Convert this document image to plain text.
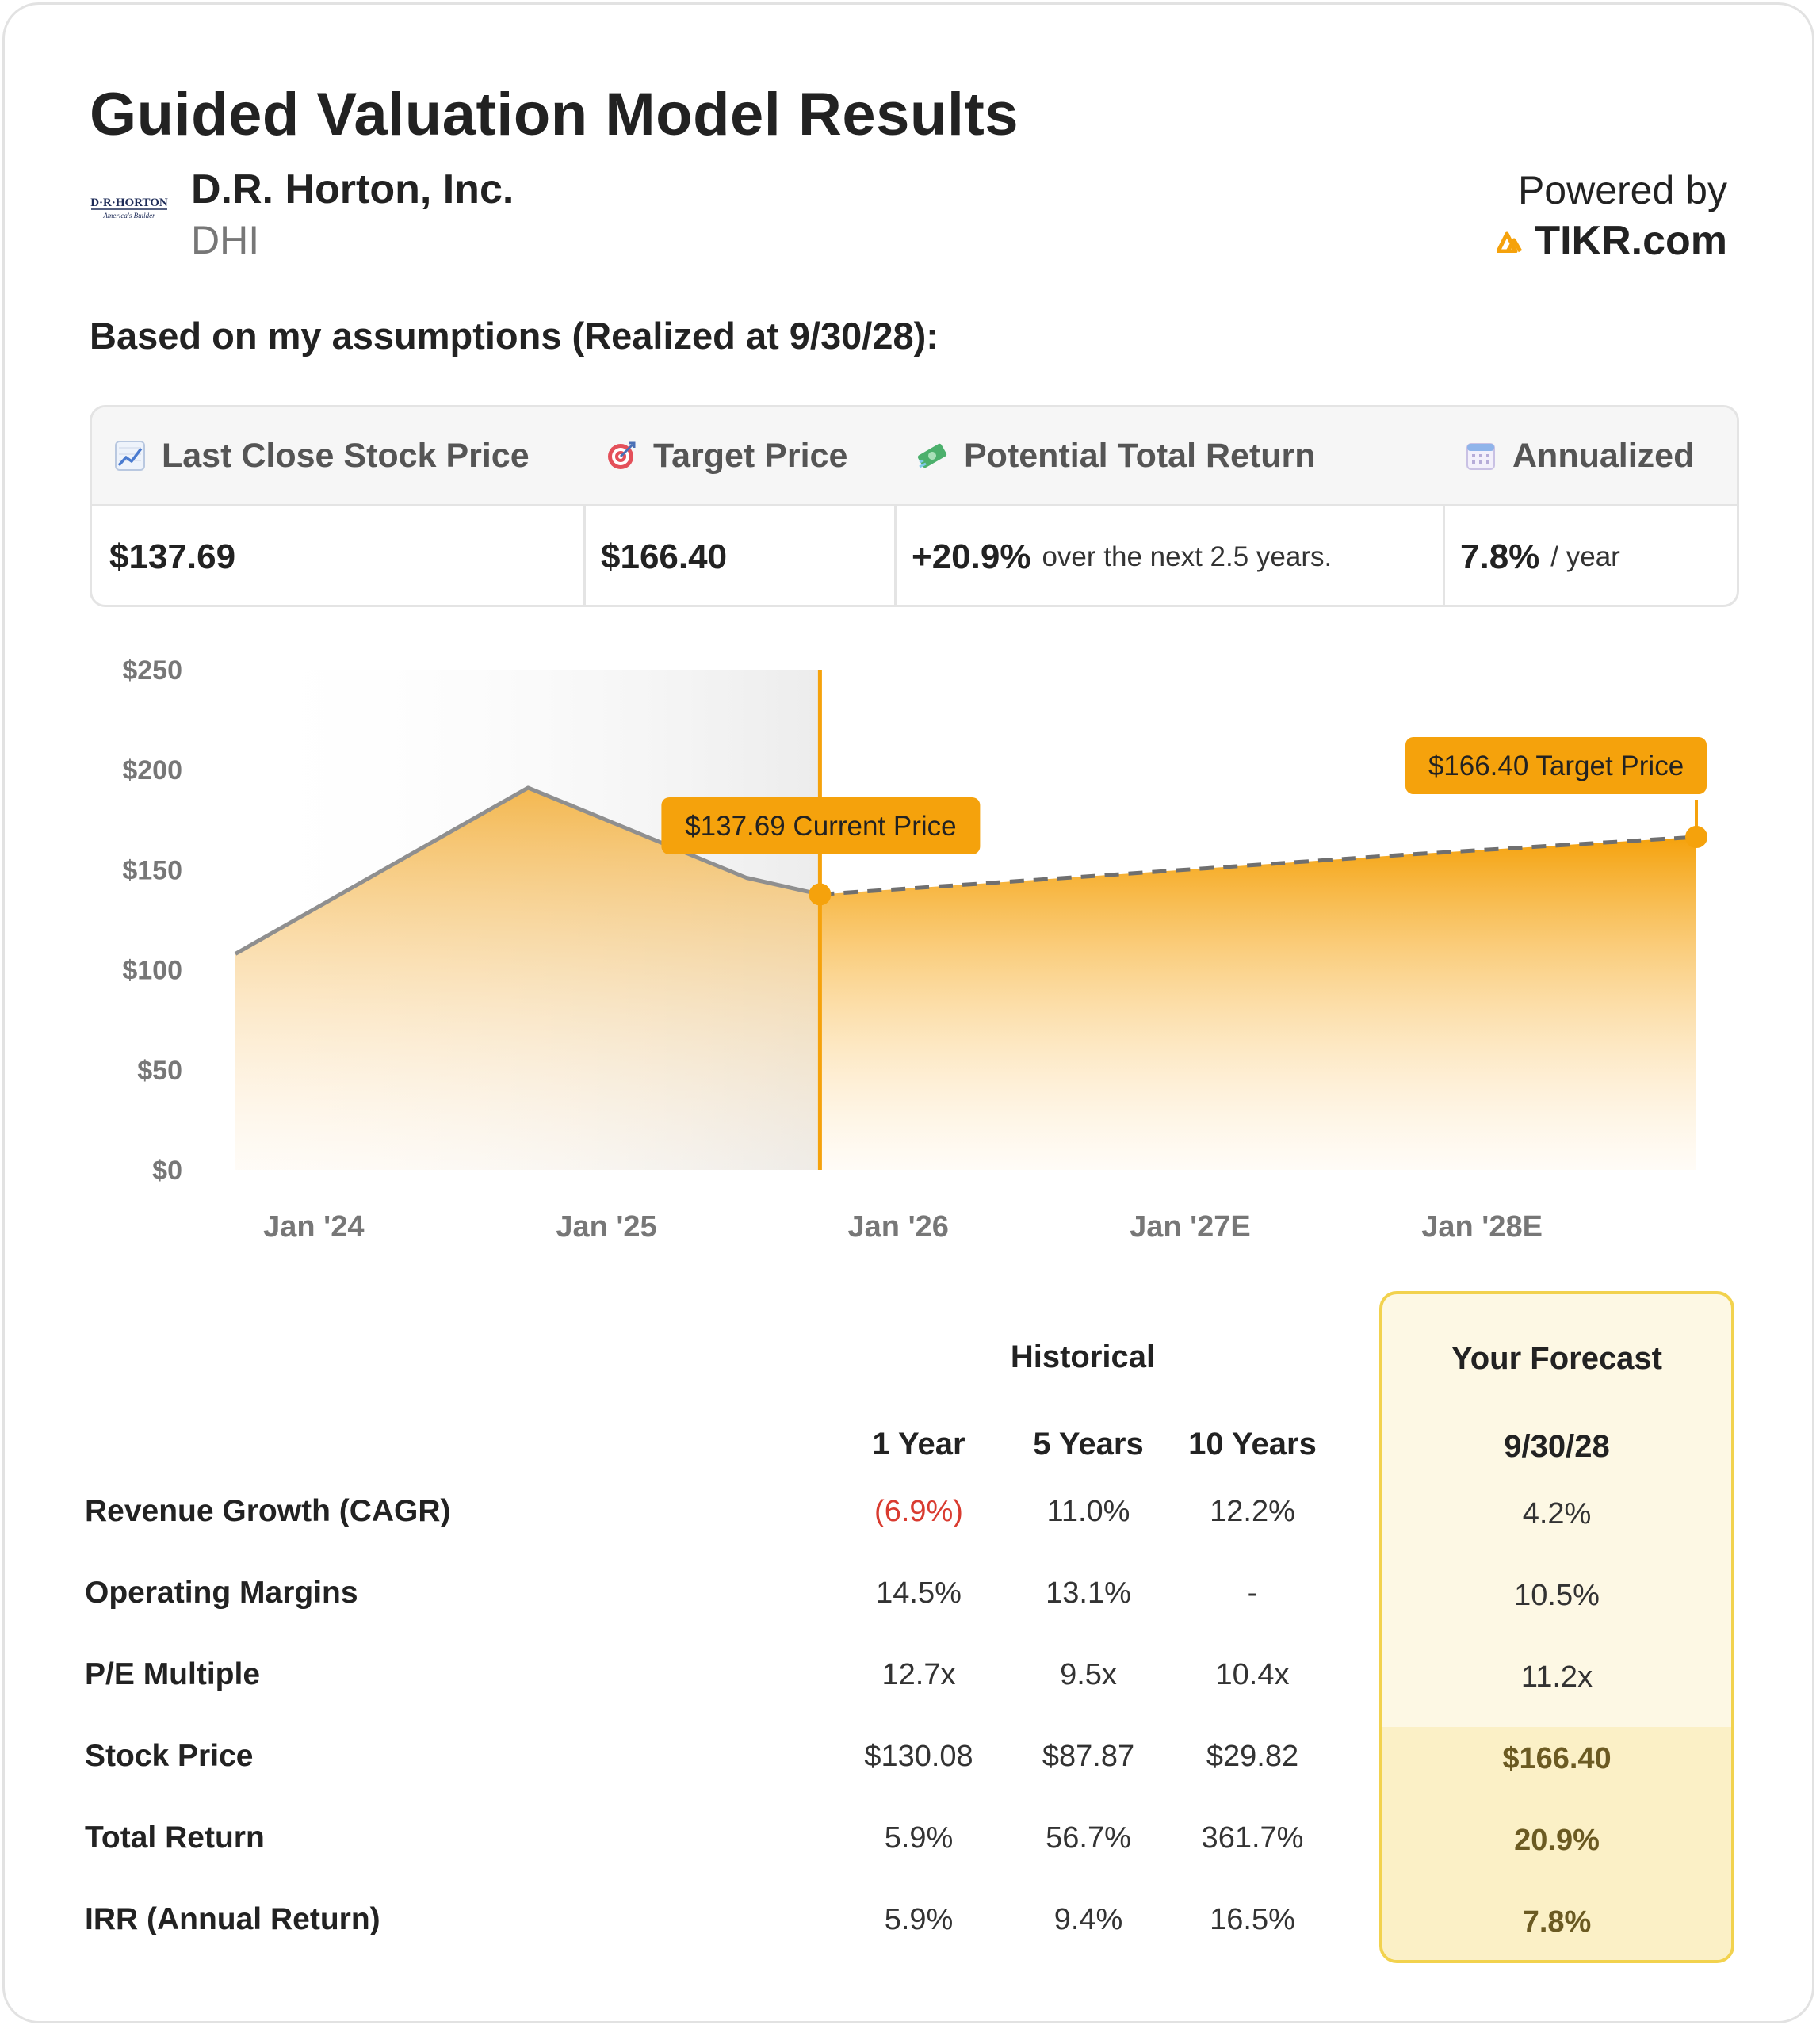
Guided Valuation Model Results
D·R·HORTON
America's Builder
D.R. Horton, Inc.
DHI
Powered by
TIKR.com
Based on my assumptions (Realized at 9/30/28):
Last Close Stock Price
$137.69
Target Price
$166.40
Potential Total Return
+20.9% over the next 2.5 years.
Annualized
7.8% / year
$0
$50
$100
$150
$200
$250
Jan '24	Jan '25	Jan '26	Jan '27E	Jan '28E
$137.69 Current Price
$166.40 Target Price
Historical	Your Forecast
1 Year 5 Years 10 Years	9/30/28
Revenue Growth (CAGR)	(6.9%)	11.0%	12.2%	4.2%
Operating Margins	14.5%	13.1%	-	10.5%
P/E Multiple	12.7x	9.5x	10.4x	11.2x
Stock Price	$130.08 $87.87 $29.82	$166.40
Total Return	5.9%	56.7% 361.7%	20.9%
IRR (Annual Return)	5.9%	9.4%	16.5%	7.8%
